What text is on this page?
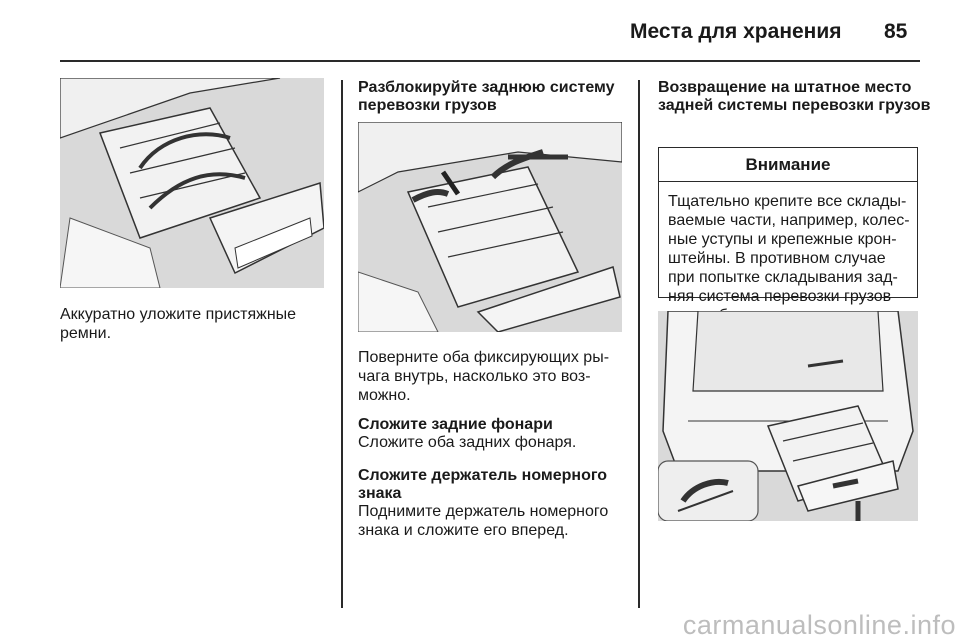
Места для хранения 85
Аккуратно уложите пристяжные
ремни.
Разблокируйте заднюю систему
перевозки грузов
Поверните оба фиксирующих ры-
чага внутрь, насколько это воз-
можно.
Сложите задние фонари
Сложите оба задних фонаря.
Сложите держатель номерного
знака
Поднимите держатель номерного
знака и сложите его вперед.
Возвращение на штатное место
задней системы перевозки грузов
Внимание
Тщательно крепите все склады-
ваемые части, например, колес-
ные уступы и крепежные крон-
штейны. В противном случае
при попытке складывания зад-
няя система перевозки грузов
carmanualsonline.info
